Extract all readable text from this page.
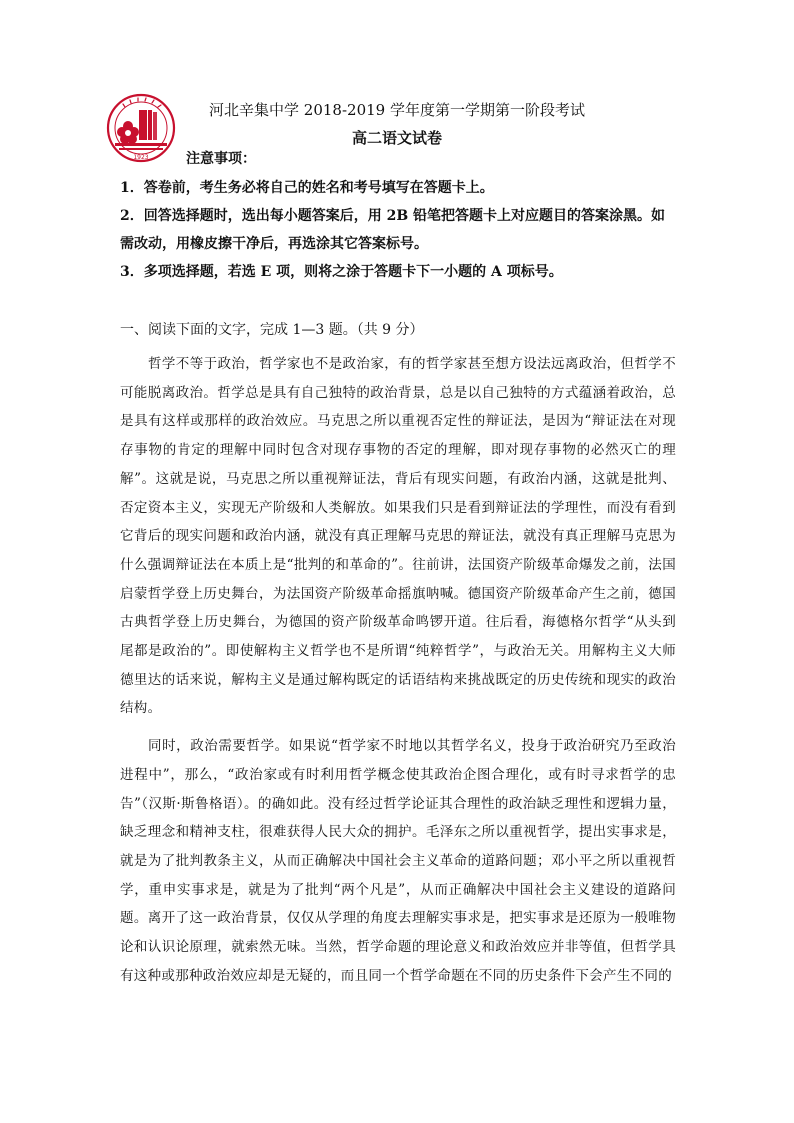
1923
河北辛集中学 2018-2019 学年度第一学期第一阶段考试
高二语文试卷
注意事项：
1．答卷前，考生务必将自己的姓名和考号填写在答题卡上。
2．回答选择题时，选出每小题答案后，用 2B 铅笔把答题卡上对应题目的答案涂黑。如需改动，用橡皮擦干净后，再选涂其它答案标号。
3．多项选择题，若选 E 项，则将之涂于答题卡下一小题的 A 项标号。
一、阅读下面的文字，完成 1—3 题。（共 9 分）

哲学不等于政治，哲学家也不是政治家，有的哲学家甚至想方设法远离政治，但哲学不可能脱离政治。哲学总是具有自己独特的政治背景，总是以自己独特的方式蕴涵着政治，总是具有这样或那样的政治效应。马克思之所以重视否定性的辩证法，是因为“辩证法在对现存事物的肯定的理解中同时包含对现存事物的否定的理解，即对现存事物的必然灭亡的理解”。这就是说，马克思之所以重视辩证法，背后有现实问题，有政治内涵，这就是批判、否定资本主义，实现无产阶级和人类解放。如果我们只是看到辩证法的学理性，而没有看到它背后的现实问题和政治内涵，就没有真正理解马克思的辩证法，就没有真正理解马克思为什么强调辩证法在本质上是“批判的和革命的”。往前讲，法国资产阶级革命爆发之前，法国启蒙哲学登上历史舞台，为法国资产阶级革命摇旗呐喊。德国资产阶级革命产生之前，德国古典哲学登上历史舞台，为德国的资产阶级革命鸣锣开道。往后看，海德格尔哲学“从头到尾都是政治的”。即使解构主义哲学也不是所谓“纯粹哲学”，与政治无关。用解构主义大师德里达的话来说，解构主义是通过解构既定的话语结构来挑战既定的历史传统和现实的政治结构。

同时，政治需要哲学。如果说“哲学家不时地以其哲学名义，投身于政治研究乃至政治进程中”，那么，“政治家或有时利用哲学概念使其政治企图合理化，或有时寻求哲学的忠告”（汉斯·斯鲁格语）。的确如此。没有经过哲学论证其合理性的政治缺乏理性和逻辑力量，缺乏理念和精神支柱，很难获得人民大众的拥护。毛泽东之所以重视哲学，提出实事求是，就是为了批判教条主义，从而正确解决中国社会主义革命的道路问题；邓小平之所以重视哲学，重申实事求是，就是为了批判“两个凡是”，从而正确解决中国社会主义建设的道路问题。离开了这一政治背景，仅仅从学理的角度去理解实事求是，把实事求是还原为一般唯物论和认识论原理，就索然无味。当然，哲学命题的理论意义和政治效应并非等值，但哲学具有这种或那种政治效应却是无疑的，而且同一个哲学命题在不同的历史条件下会产生不同的
